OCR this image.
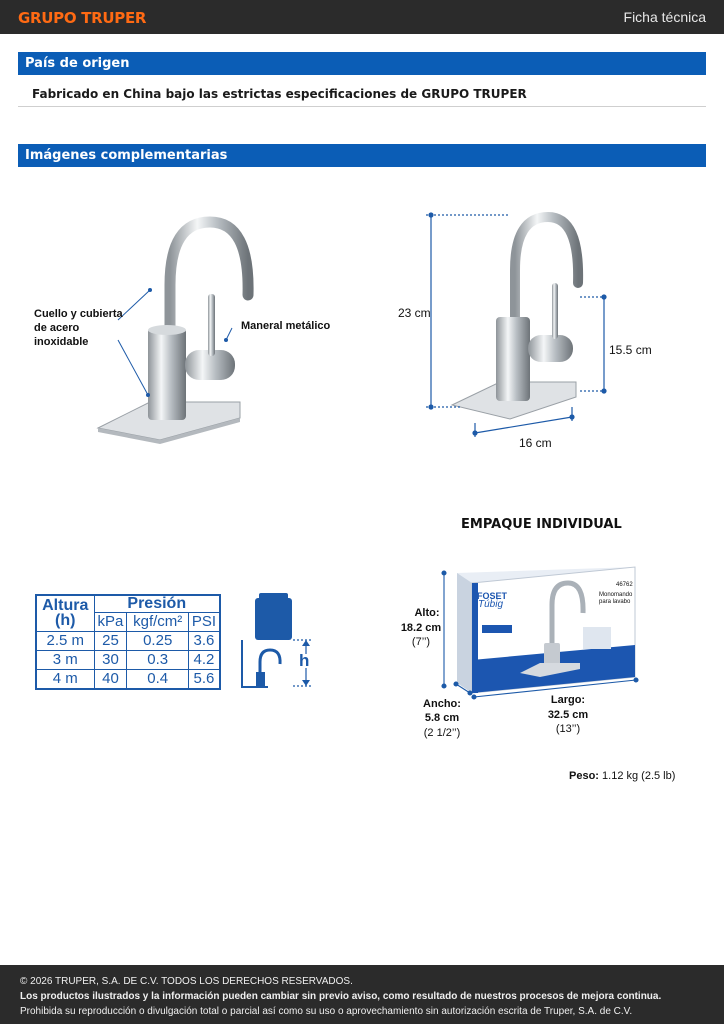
GRUPO TRUPER	Ficha técnica
País de origen
Fabricado en China bajo las estrictas especificaciones de GRUPO TRUPER
Imágenes complementarias
Cuello y cubierta de acero inoxidable
Maneral metálico
23 cm
15.5 cm
16 cm
EMPAQUE INDIVIDUAL
FOSET
Túbig
46762
Monomando para lavabo
Alto:
18.2 cm
(7’’)
Ancho:
5.8 cm
(2 1/2’’)
Largo:
32.5 cm
(13’’)
Peso: 1.12 kg (2.5 lb)
Altura
(h)	Presión		
	kPa	kgf/cm²	PSI
2.5 m	25	0.25	3.6
3 m	30	0.3	4.2
4 m	40	0.4	5.6
h
© 2026 TRUPER, S.A. DE C.V. TODOS LOS DERECHOS RESERVADOS.
Los productos ilustrados y la información pueden cambiar sin previo aviso, como resultado de nuestros procesos de mejora continua.
Prohibida su reproducción o divulgación total o parcial así como su uso o aprovechamiento sin autorización escrita de Truper, S.A. de C.V.
